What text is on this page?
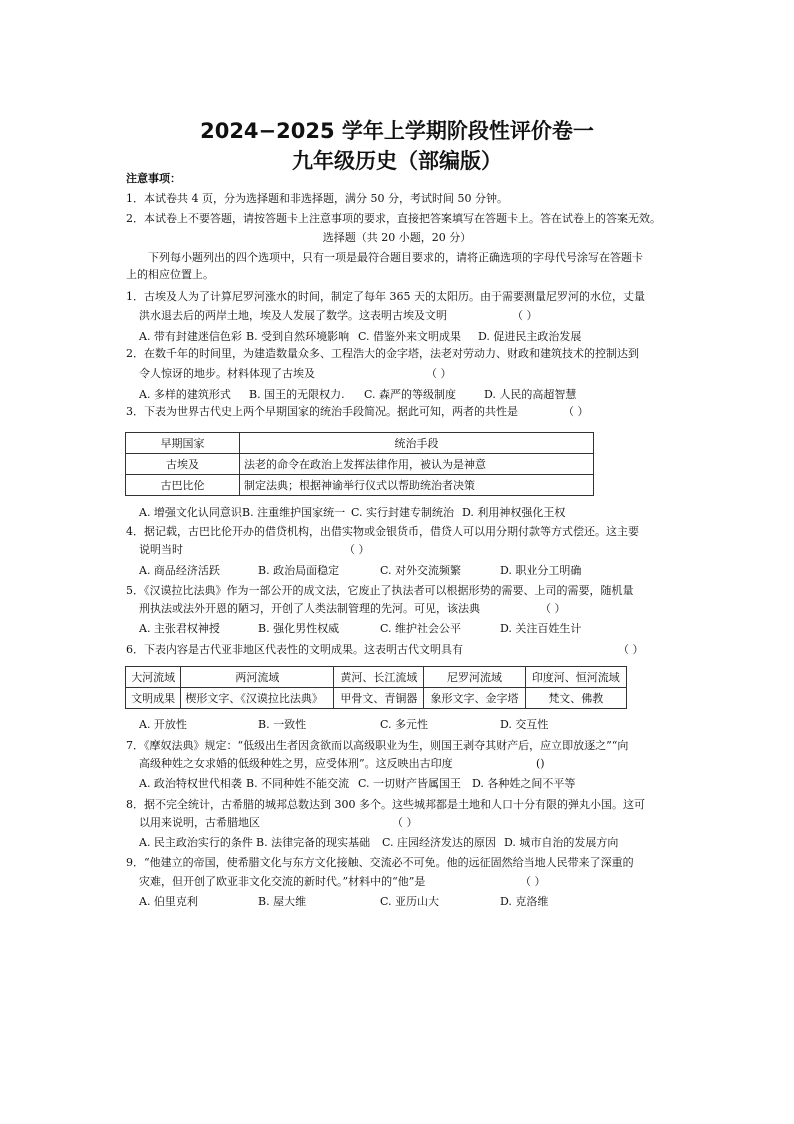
2024−2025 学年上学期阶段性评价卷一
九年级历史（部编版）
注意事项：
1．本试卷共 4 页，分为选择题和非选择题，满分 50 分，考试时间 50 分钟。
2．本试卷上不要答题，请按答题卡上注意事项的要求，直接把答案填写在答题卡上。答在试卷上的答案无效。
选择题（共 20 小题，20 分）
下列每小题列出的四个选项中，只有一项是最符合题目要求的，请将正确选项的字母代号涂写在答题卡
上的相应位置上。
1．古埃及人为了计算尼罗河涨水的时间，制定了每年 365 天的太阳历。由于需要测量尼罗河的水位，丈量
洪水退去后的两岸土地，埃及人发展了数学。这表明古埃及文明	（ ）
A. 带有封建迷信色彩 B. 受到自然环境影响 C. 借鉴外来文明成果 D. 促进民主政治发展
2．在数千年的时间里，为建造数量众多、工程浩大的金字塔，法老对劳动力、财政和建筑技术的控制达到
令人惊讶的地步。材料体现了古埃及	（ ）
A. 多样的建筑形式 B. 国王的无限权力. C. 森严的等级制度	D. 人民的高超智慧
3．下表为世界古代史上两个早期国家的统治手段简况。据此可知，两者的共性是	（ ）
早期国家	统治手段
古埃及	法老的命令在政治上发挥法律作用，被认为是神意
古巴比伦	制定法典；根据神谕举行仪式以帮助统治者决策
A. 增强文化认同意识 B. 注重维护国家统一 C. 实行封建专制统治 D. 利用神权强化王权
4．据记载，古巴比伦开办的借贷机构，出借实物或金银货币，借贷人可以用分期付款等方式偿还。这主要
说明当时	（ ）
A. 商品经济活跃	B. 政治局面稳定	C. 对外交流频繁	D. 职业分工明确
5．《汉谟拉比法典》作为一部公开的成文法，它废止了执法者可以根据形势的需要、上司的需要，随机量
刑执法或法外开恩的陋习，开创了人类法制管理的先河。可见，该法典	（ ）
A. 主张君权神授	B. 强化男性权威	C. 维护社会公平	D. 关注百姓生计
6．下表内容是古代亚非地区代表性的文明成果。这表明古代文明具有	（ ）
大河流域	两河流域	黄河、长江流域	尼罗河流域	印度河、恒河流域
文明成果	楔形文字、《汉谟拉比法典》	甲骨文、青铜器	象形文字、金字塔	梵文、佛教
A. 开放性	B. 一致性	C. 多元性	D. 交互性
7．《摩奴法典》规定：“低级出生者因贪欲而以高级职业为生，则国王剥夺其财产后，应立即放逐之”“向
高级种姓之女求婚的低级种姓之男，应受体刑”。这反映出古印度	()
A. 政治特权世代相袭 B. 不同种姓不能交流 C. 一切财产皆属国王 D. 各种姓之间不平等
8．据不完全统计，古希腊的城邦总数达到 300 多个。这些城邦都是土地和人口十分有限的弹丸小国。这可
以用来说明，古希腊地区	（ ）
A. 民主政治实行的条件 B. 法律完备的现实基础 C. 庄园经济发达的原因 D. 城市自治的发展方向
9．“他建立的帝国，使希腊文化与东方文化接触、交流必不可免。他的远征固然给当地人民带来了深重的
灾难，但开创了欧亚非文化交流的新时代。”材料中的“他”是	（ ）
A. 伯里克利	B. 屋大维	C. 亚历山大	D. 克洛维
